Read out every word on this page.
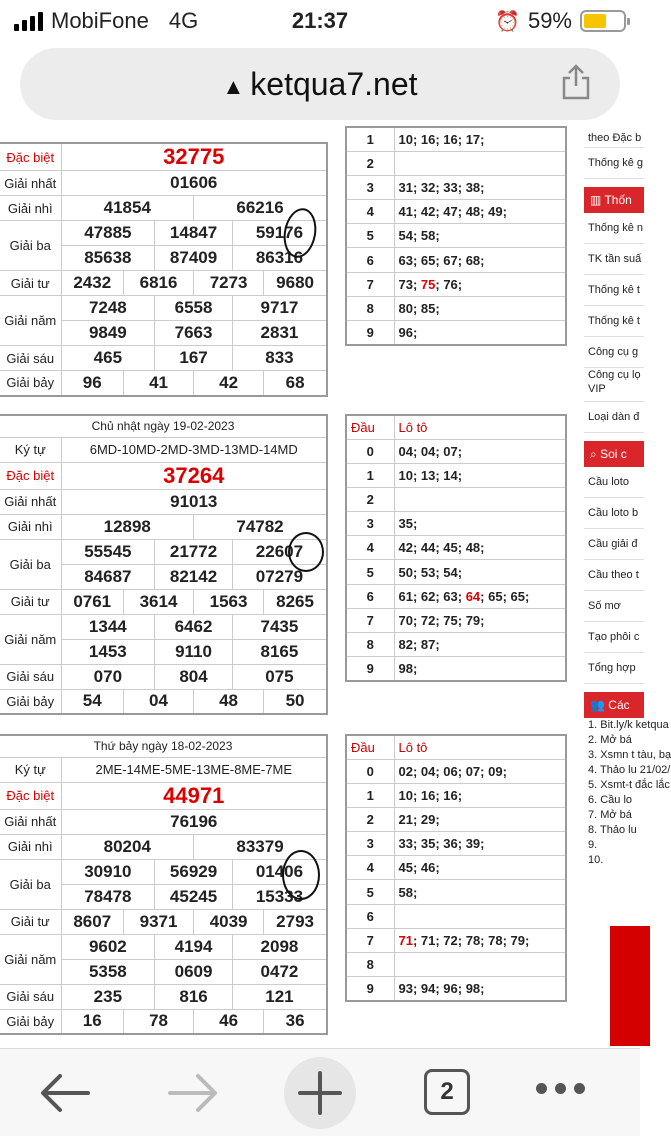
MobiFone 4G	21:37	⏰ 59%
▲ ketqua7.net
Đặc biệt	32775					
Giải nhất	01606					
Giải nhì	41854			66216		
Giải ba	47885		14847		59176	
	85638		87409		86316	
Giải tư	2432	6816		7273		9680
Giải năm	7248		6558		9717	
	9849		7663		2831	
Giải sáu	465		167		833	
Giải bảy	96	41		42		68
1	10; 16; 16; 17;
2	
3	31; 32; 33; 38;
4	41; 42; 47; 48; 49;
5	54; 58;
6	63; 65; 67; 68;
7	73; 75; 76;
8	80; 85;
9	96;
Chủ nhật ngày 19-02-2023						
Ký tự	6MD-10MD-2MD-3MD-13MD-14MD					
Đặc biệt	37264					
Giải nhất	91013					
Giải nhì	12898			74782		
Giải ba	55545		21772		22607	
	84687		82142		07279	
Giải tư	0761	3614		1563		8265
Giải năm	1344		6462		7435	
	1453		9110		8165	
Giải sáu	070		804		075	
Giải bảy	54	04		48		50
Đầu	Lô tô
0	04; 04; 07;
1	10; 13; 14;
2	
3	35;
4	42; 44; 45; 48;
5	50; 53; 54;
6	61; 62; 63; 64; 65; 65;
7	70; 72; 75; 79;
8	82; 87;
9	98;
Thứ bảy ngày 18-02-2023						
Ký tự	2ME-14ME-5ME-13ME-8ME-7ME					
Đặc biệt	44971					
Giải nhất	76196					
Giải nhì	80204			83379		
Giải ba	30910		56929		01406	
	78478		45245		15333	
Giải tư	8607	9371		4039		2793
Giải năm	9602		4194		2098	
	5358		0609		0472	
Giải sáu	235		816		121	
Giải bảy	16	78		46		36
Đầu	Lô tô
0	02; 04; 06; 07; 09;
1	10; 16; 16;
2	21; 29;
3	33; 35; 36; 39;
4	45; 46;
5	58;
6	
7	71; 71; 72; 78; 78; 79;
8	
9	93; 94; 96; 98;
theo Đặc b
Thống kê g
▥ Thốn
Thống kê n
TK tần suấ
Thống kê t
Thống kê t
Công cụ g
Công cụ lọ VIP
Loại dàn đ
⌕ Soi c
Cầu loto
Cầu loto b
Cầu giải đ
Cầu theo t
Số mơ
Tạo phôi c
Tổng hợp
👥 Các
1. Bit.ly/k ketqua
2. Mở bá
3. Xsmn t tàu, bạ
4. Thảo lu 21/02/
5. Xsmt-t đắc lắc
6. Cầu lo
7. Mở bá
8. Thảo lu
9.
10.
2
